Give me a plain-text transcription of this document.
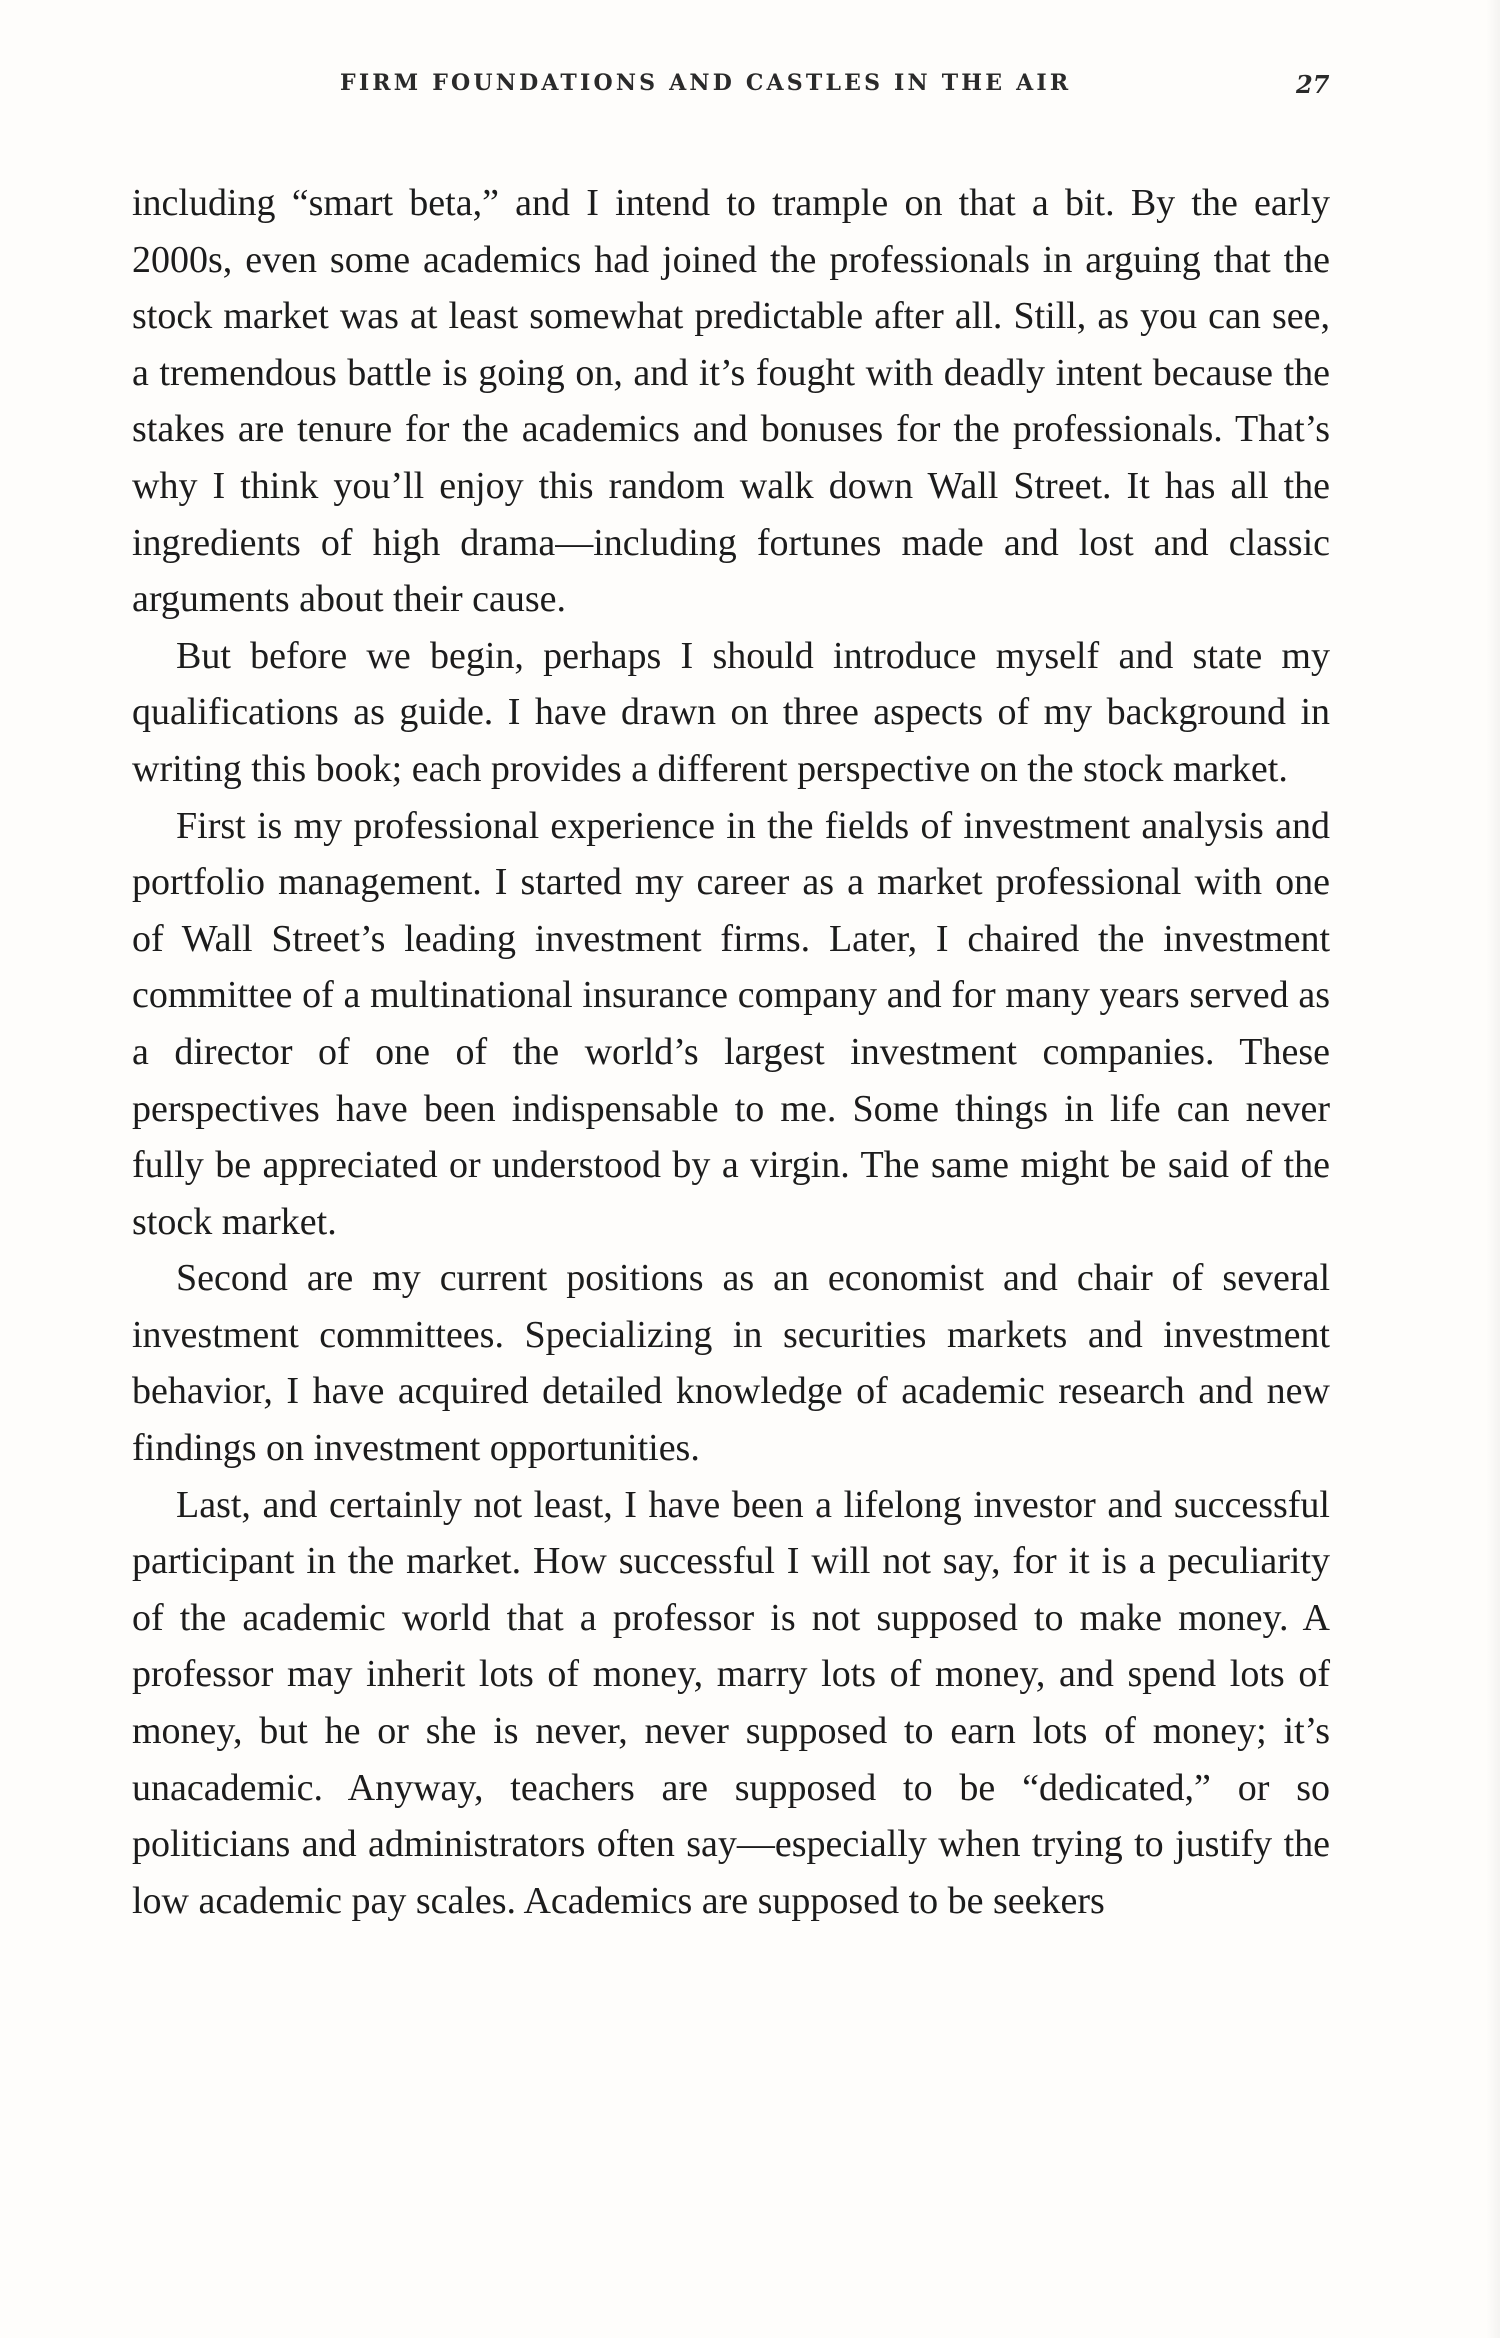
FIRM FOUNDATIONS AND CASTLES IN THE AIR	27

including “smart beta,” and I intend to trample on that a bit. By the early 2000s, even some academics had joined the professionals in arguing that the stock market was at least somewhat predictable after all. Still, as you can see, a tremendous battle is going on, and it’s fought with deadly intent because the stakes are tenure for the academics and bonuses for the professionals. That’s why I think you’ll enjoy this random walk down Wall Street. It has all the ingredients of high drama—including fortunes made and lost and classic arguments about their cause.

But before we begin, perhaps I should introduce myself and state my qualifications as guide. I have drawn on three aspects of my background in writing this book; each provides a different perspective on the stock market.

First is my professional experience in the fields of investment analysis and portfolio management. I started my career as a market professional with one of Wall Street’s leading investment firms. Later, I chaired the investment committee of a multinational insurance company and for many years served as a director of one of the world’s largest investment companies. These perspectives have been indispensable to me. Some things in life can never fully be appreciated or understood by a virgin. The same might be said of the stock market.

Second are my current positions as an economist and chair of several investment committees. Specializing in securities markets and investment behavior, I have acquired detailed knowledge of academic research and new findings on investment opportunities.

Last, and certainly not least, I have been a lifelong investor and successful participant in the market. How successful I will not say, for it is a peculiarity of the academic world that a professor is not supposed to make money. A professor may inherit lots of money, marry lots of money, and spend lots of money, but he or she is never, never supposed to earn lots of money; it’s unacademic. Anyway, teachers are supposed to be “dedicated,” or so politicians and administrators often say—especially when trying to justify the low academic pay scales. Academics are supposed to be seekers
